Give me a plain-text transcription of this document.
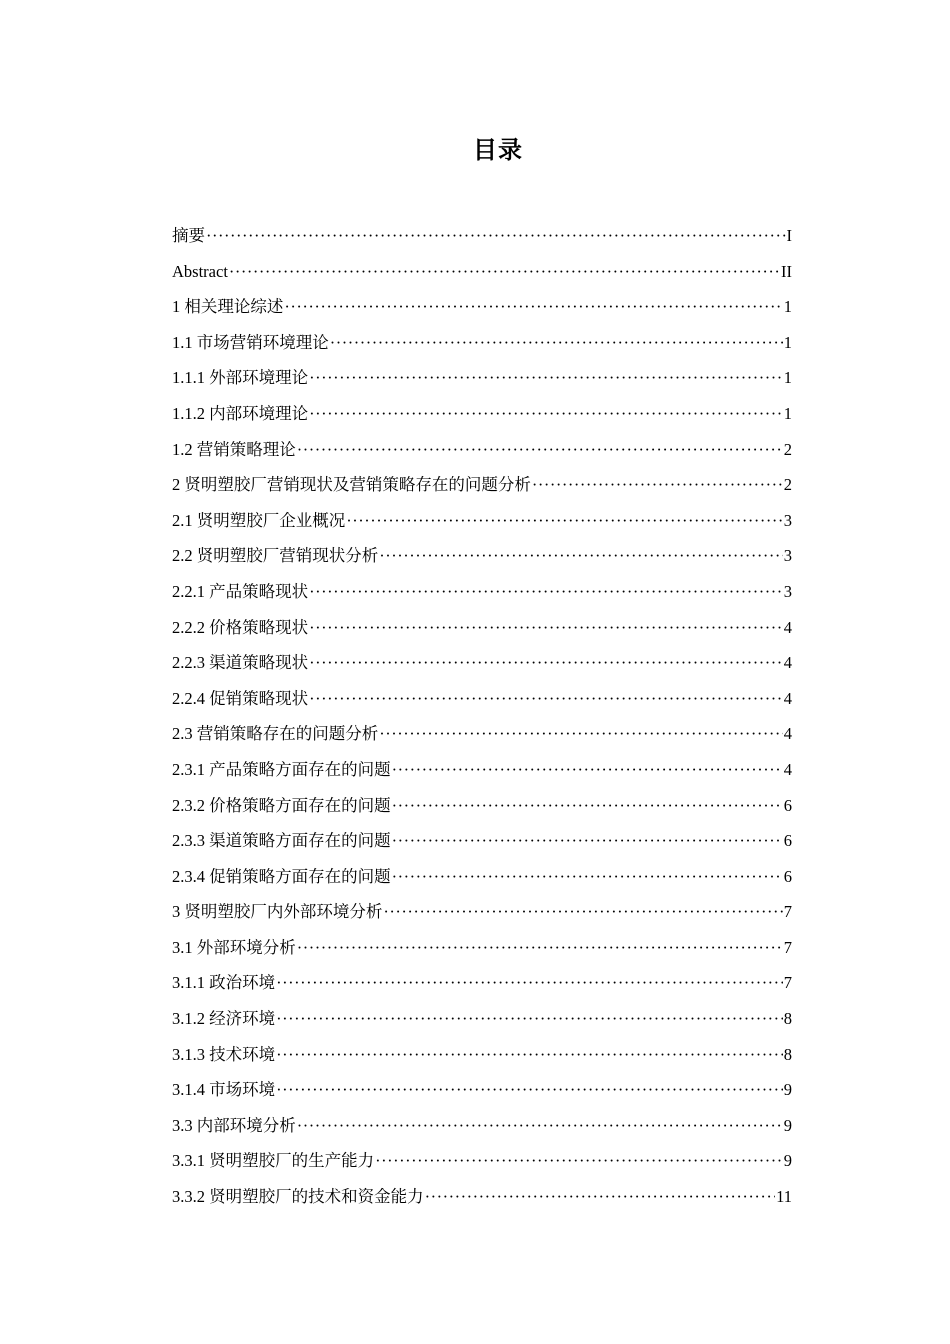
目录
摘要 ·····	I
Abstract ·····	II
1 相关理论综述 ·····	1
1.1 市场营销环境理论 ·····	1
1.1.1 外部环境理论 ·····	1
1.1.2 内部环境理论 ·····	1
1.2 营销策略理论 ·····	2
2 贤明塑胶厂营销现状及营销策略存在的问题分析 ·····	2
2.1 贤明塑胶厂企业概况 ·····	3
2.2 贤明塑胶厂营销现状分析 ·····	3
2.2.1 产品策略现状 ·····	3
2.2.2 价格策略现状 ·····	4
2.2.3 渠道策略现状 ·····	4
2.2.4 促销策略现状 ·····	4
2.3 营销策略存在的问题分析 ·····	4
2.3.1 产品策略方面存在的问题 ·····	4
2.3.2 价格策略方面存在的问题 ·····	6
2.3.3 渠道策略方面存在的问题 ·····	6
2.3.4 促销策略方面存在的问题 ·····	6
3 贤明塑胶厂内外部环境分析 ·····	7
3.1 外部环境分析 ·····	7
3.1.1 政治环境 ·····	7
3.1.2 经济环境 ·····	8
3.1.3 技术环境 ·····	8
3.1.4 市场环境 ·····	9
3.3 内部环境分析 ·····	9
3.3.1 贤明塑胶厂的生产能力 ·····	9
3.3.2 贤明塑胶厂的技术和资金能力 ·····	11
